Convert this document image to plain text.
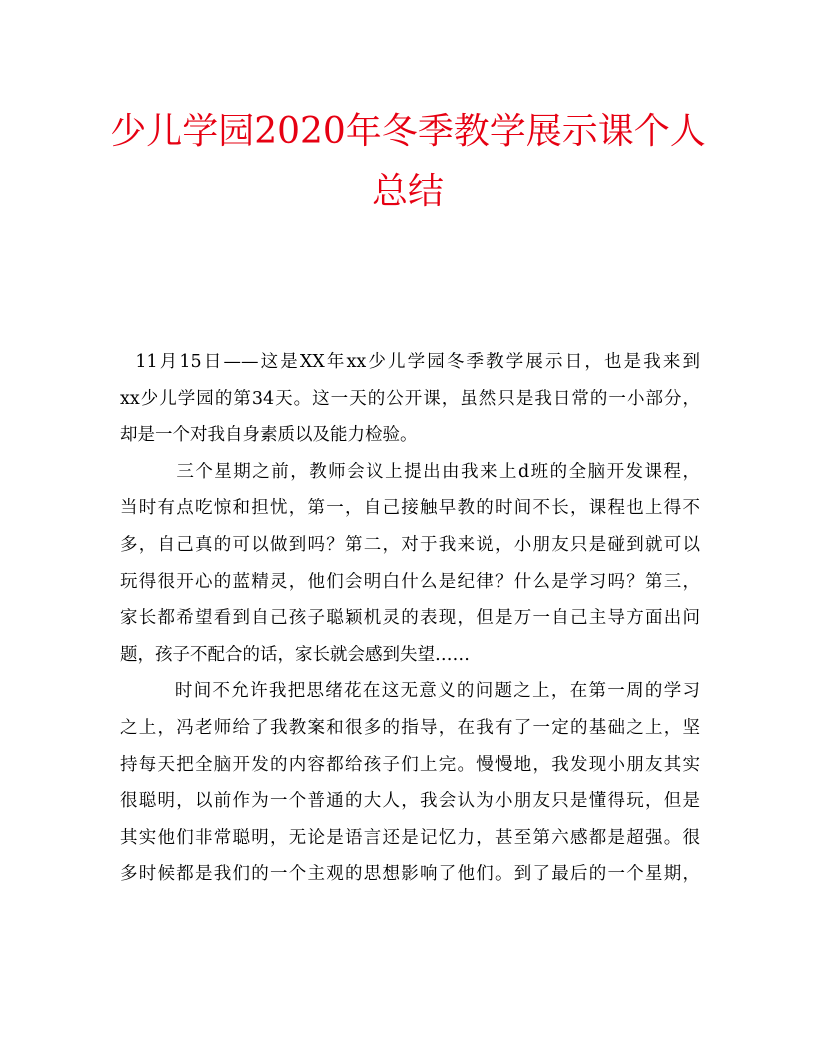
少儿学园2020年冬季教学展示课个人
总结
11月15日——这是XX年xx少儿学园冬季教学展示日，也是我来到
xx少儿学园的第34天。这一天的公开课，虽然只是我日常的一小部分，
却是一个对我自身素质以及能力检验。
三个星期之前，教师会议上提出由我来上d班的全脑开发课程，
当时有点吃惊和担忧，第一，自己接触早教的时间不长，课程也上得不
多，自己真的可以做到吗？第二，对于我来说，小朋友只是碰到就可以
玩得很开心的蓝精灵，他们会明白什么是纪律？什么是学习吗？第三，
家长都希望看到自己孩子聪颖机灵的表现，但是万一自己主导方面出问
题，孩子不配合的话，家长就会感到失望……
时间不允许我把思绪花在这无意义的问题之上，在第一周的学习
之上，冯老师给了我教案和很多的指导，在我有了一定的基础之上，坚
持每天把全脑开发的内容都给孩子们上完。慢慢地，我发现小朋友其实
很聪明，以前作为一个普通的大人，我会认为小朋友只是懂得玩，但是
其实他们非常聪明，无论是语言还是记忆力，甚至第六感都是超强。很
多时候都是我们的一个主观的思想影响了他们。到了最后的一个星期，
